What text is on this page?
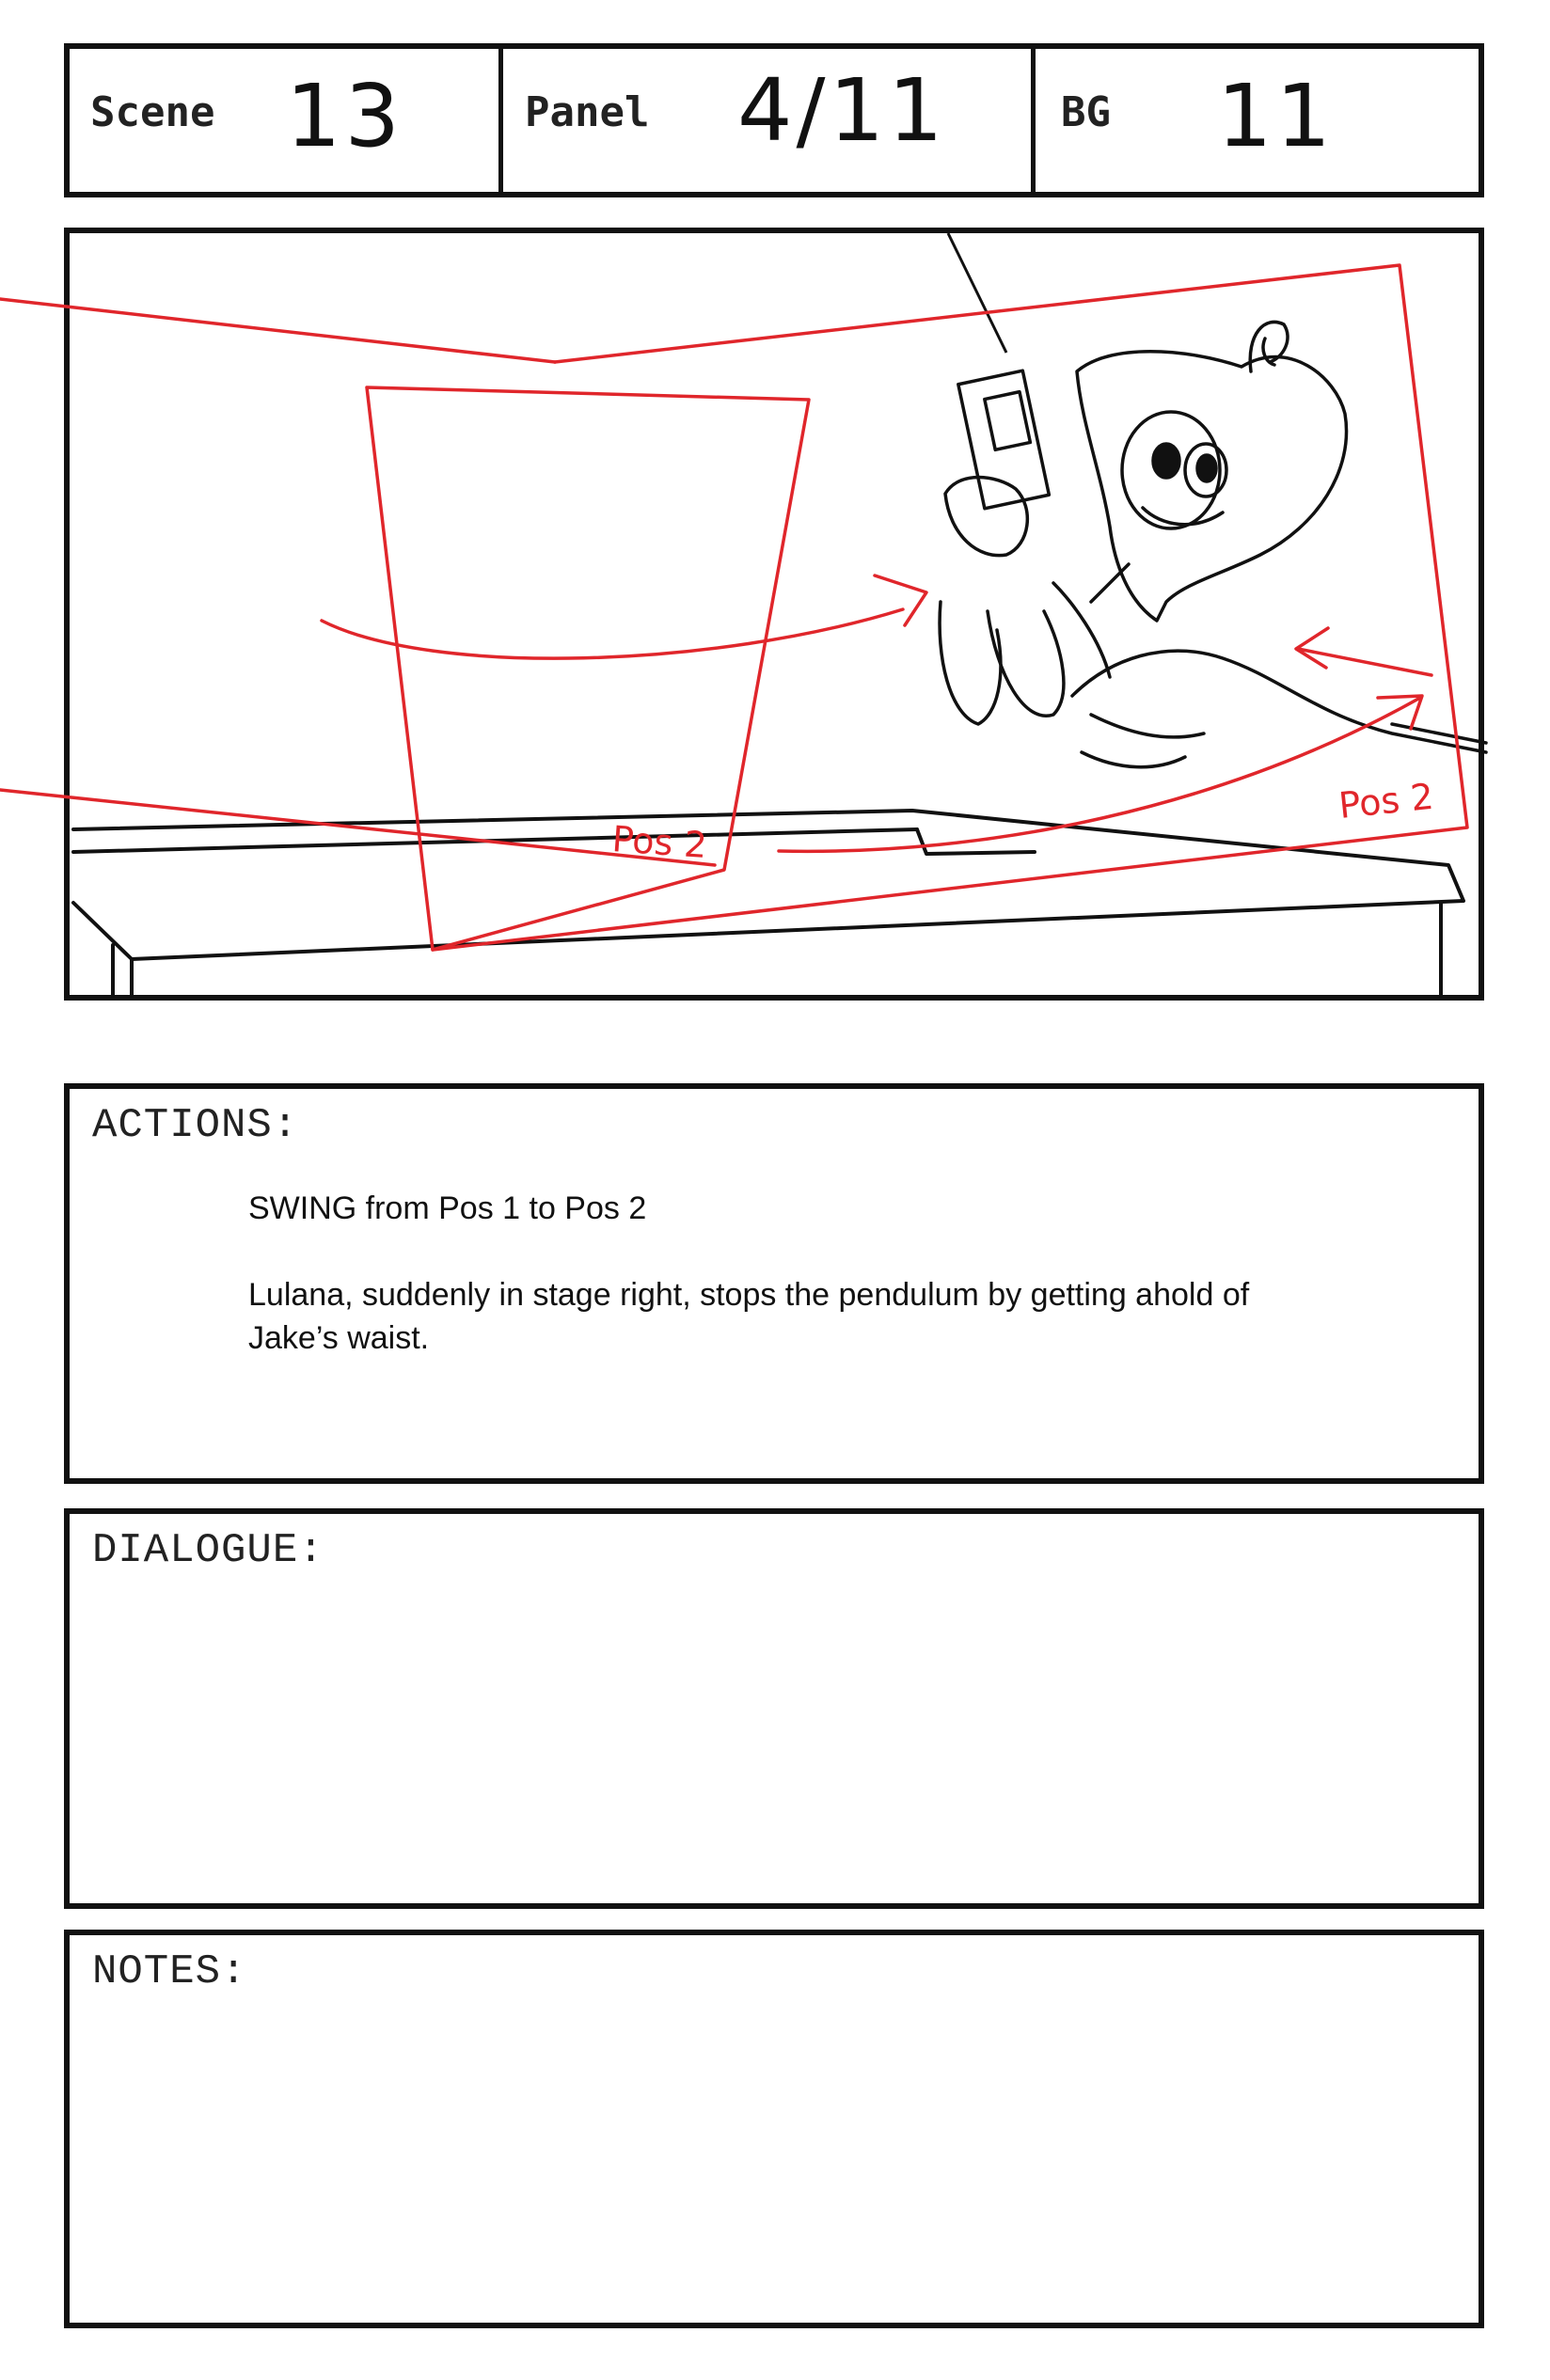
Scene 13	Panel 4/11	BG 11
Pos 2
Pos 2
ACTIONS:
SWING from Pos 1 to Pos 2
Lulana, suddenly in stage right, stops the pendulum by getting ahold of
Jake’s waist.
DIALOGUE:
NOTES:
